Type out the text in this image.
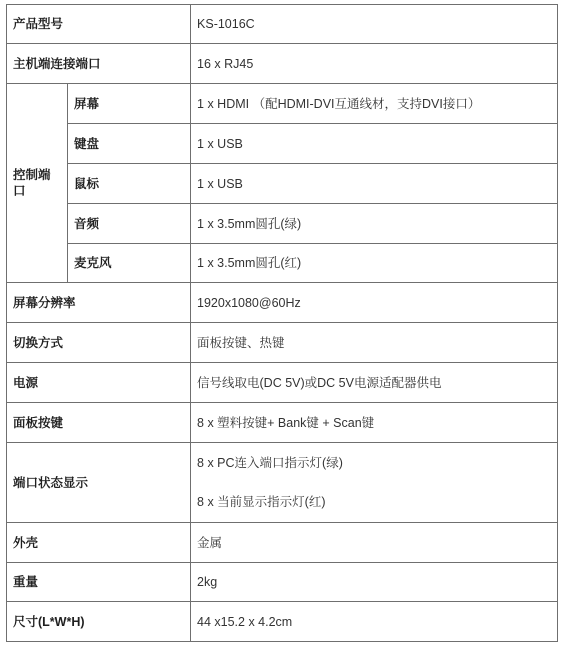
产品型号		KS-1016C
主机端连接端口		16 x RJ45
控制端口	屏幕	1 x HDMI （配HDMI-DVI互通线材，支持DVI接口）
	键盘	1 x USB
	鼠标	1 x USB
	音频	1 x 3.5mm圆孔(绿)
	麦克风	1 x 3.5mm圆孔(红)
屏幕分辨率		1920x1080@60Hz
切换方式		面板按键、热键
电源		信号线取电(DC 5V)或DC 5V电源适配器供电
面板按键		8 x 塑料按键+ Bank键 + Scan键
端口状态显示		8 x PC连入端口指示灯(绿)
8 x 当前显示指示灯(红)

外壳		金属
重量		2kg
尺寸(L*W*H)		44 x15.2 x 4.2cm
